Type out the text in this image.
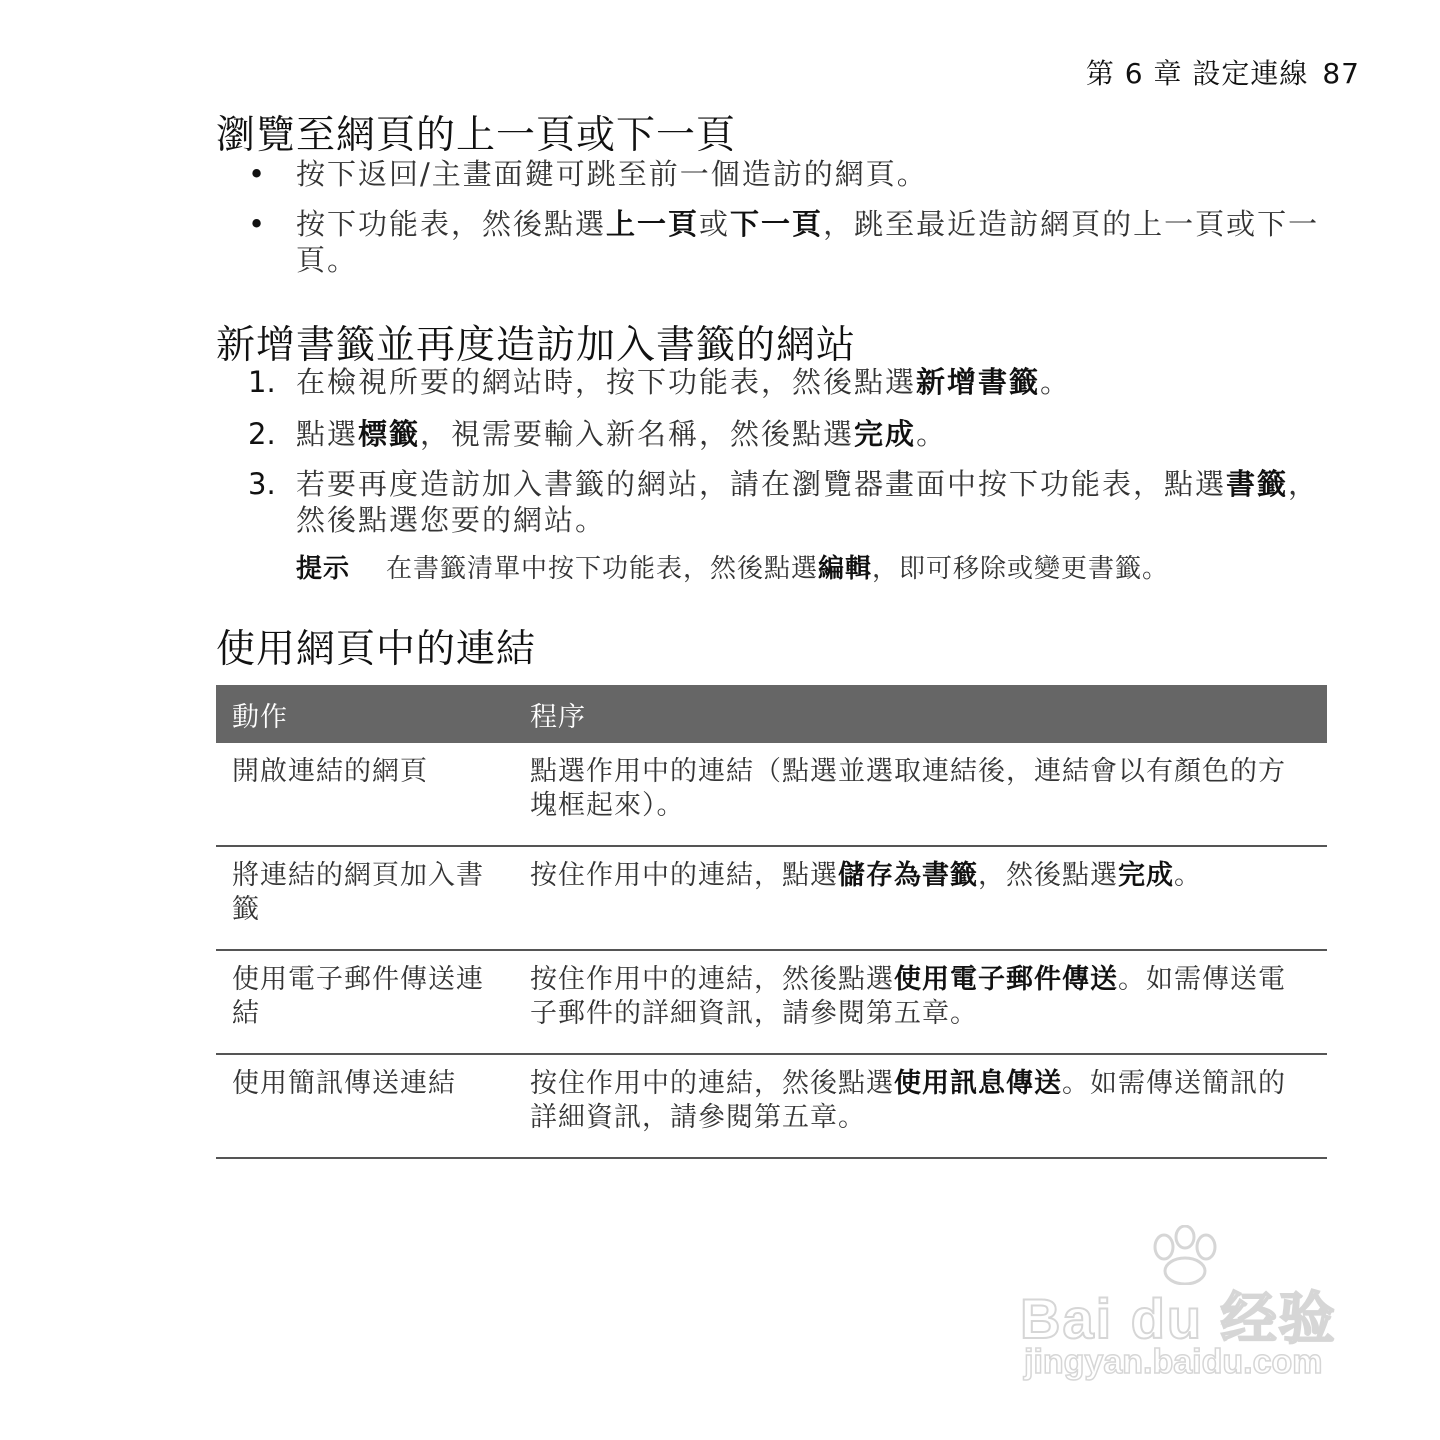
第 6 章 設定連線 87
瀏覽至網頁的上一頁或下一頁
• 按下返回/主畫面鍵可跳至前一個造訪的網頁。
• 按下功能表，然後點選上一頁或下一頁，跳至最近造訪網頁的上一頁或下一頁。
新增書籤並再度造訪加入書籤的網站
1. 在檢視所要的網站時，按下功能表，然後點選新增書籤。
2. 點選標籤，視需要輸入新名稱，然後點選完成。
3. 若要再度造訪加入書籤的網站，請在瀏覽器畫面中按下功能表，點選書籤，然後點選您要的網站。
提示 在書籤清單中按下功能表，然後點選編輯，即可移除或變更書籤。
使用網頁中的連結
動作	程序
開啟連結的網頁	點選作用中的連結（點選並選取連結後，連結會以有顏色的方塊框起來）。
將連結的網頁加入書籤	按住作用中的連結，點選儲存為書籤，然後點選完成。
使用電子郵件傳送連結	按住作用中的連結，然後點選使用電子郵件傳送。如需傳送電子郵件的詳細資訊，請參閱第五章。
使用簡訊傳送連結	按住作用中的連結，然後點選使用訊息傳送。如需傳送簡訊的詳細資訊，請參閱第五章。
Bai du 经验
jingyan.baidu.com
